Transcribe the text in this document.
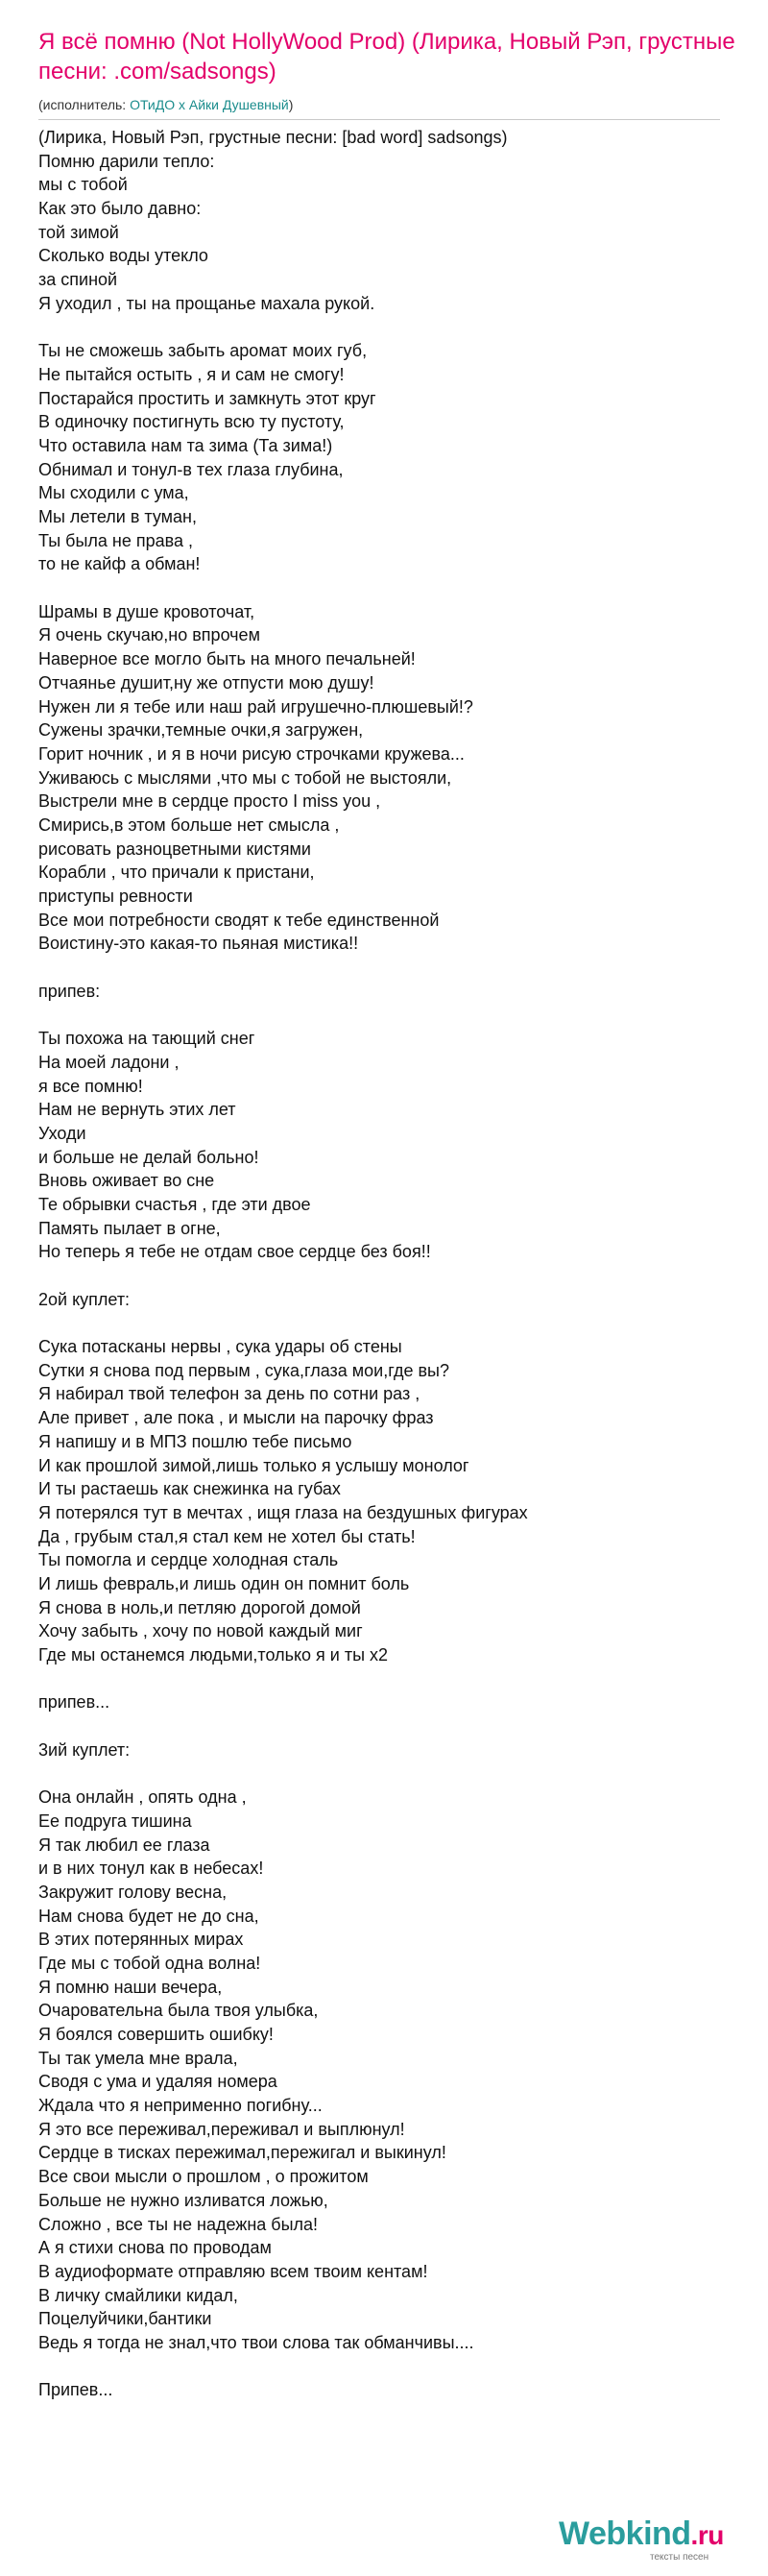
Я всё помню (Not HollyWood Prod) (Лирика, Новый Рэп, грустные песни: .com/sadsongs)
(исполнитель: ОТиДО x Айки Душевный)
(Лирика, Новый Рэп, грустные песни: [bad word] sadsongs)
Помню дарили тепло:
мы с тобой
Как это было давно:
той зимой
Сколько воды утекло
за спиной
Я уходил , ты на прощанье махала рукой.
Ты не сможешь забыть аромат моих губ,
Не пытайся остыть , я и сам не смогу!
Постарайся простить и замкнуть этот круг
В одиночку постигнуть всю ту пустоту,
Что оставила нам та зима (Та зима!)
Обнимал и тонул-в тех глаза глубина,
Мы сходили с ума,
Мы летели в туман,
Ты была не права ,
то не кайф а обман!
Шрамы в душе кровоточат,
Я очень скучаю,но впрочем
Наверное все могло быть на много печальней!
Отчаянье душит,ну же отпусти мою душу!
Нужен ли я тебе или наш рай игрушечно-плюшевый!?
Сужены зрачки,темные очки,я загружен,
Горит ночник , и я в ночи рисую строчками кружева...
Уживаюсь с мыслями ,что мы с тобой не выстояли,
Выстрели мне в сердце просто I miss you ,
Смирись,в этом больше нет смысла ,
рисовать разноцветными кистями
Корабли , что причали к пристани,
приступы ревности
Все мои потребности сводят к тебе единственной
Воистину-это какая-то пьяная мистика!!
припев:
Ты похожа на тающий снег
На моей ладони ,
я все помню!
Нам не вернуть этих лет
Уходи
и больше не делай больно!
Вновь оживает во сне
Те обрывки счастья , где эти двое
Память пылает в огне,
Но теперь я тебе не отдам свое сердце без боя!!
2ой куплет:
Сука потасканы нервы , сука удары об стены
Сутки я снова под первым , сука,глаза мои,где вы?
Я набирал твой телефон за день по сотни раз ,
Але привет , але пока , и мысли на парочку фраз
Я напишу и в МПЗ пошлю тебе письмо
И как прошлой зимой,лишь только я услышу монолог
И ты растаешь как снежинка на губах
Я потерялся тут в мечтах , ищя глаза на бездушных фигурах
Да , грубым стал,я стал кем не хотел бы стать!
Ты помогла и сердце холодная сталь
И лишь февраль,и лишь один он помнит боль
Я снова в ноль,и петляю дорогой домой
Хочу забыть , хочу по новой каждый миг
Где мы останемся людьми,только я и ты х2
припев...
3ий куплет:
Она онлайн , опять одна ,
Ее подруга тишина
Я так любил ее глаза
и в них тонул как в небесах!
Закружит голову весна,
Нам снова будет не до сна,
В этих потерянных мирах
Где мы с тобой одна волна!
Я помню наши вечера,
Очаровательна была твоя улыбка,
Я боялся совершить ошибку!
Ты так умела мне врала,
Сводя с ума и удаляя номера
Ждала что я неприменно погибну...
Я это все переживал,переживал и выплюнул!
Сердце в тисках пережимал,пережигал и выкинул!
Все свои мысли о прошлом , о прожитом
Больше не нужно изливатся ложью,
Сложно , все ты не надежна была!
А я стихи снова по проводам
В аудиоформате отправляю всем твоим кентам!
В личку смайлики кидал,
Поцелуйчики,бантики
Ведь я тогда не знал,что твои слова так обманчивы....
Припев...
Webkind.ru
тексты песен
